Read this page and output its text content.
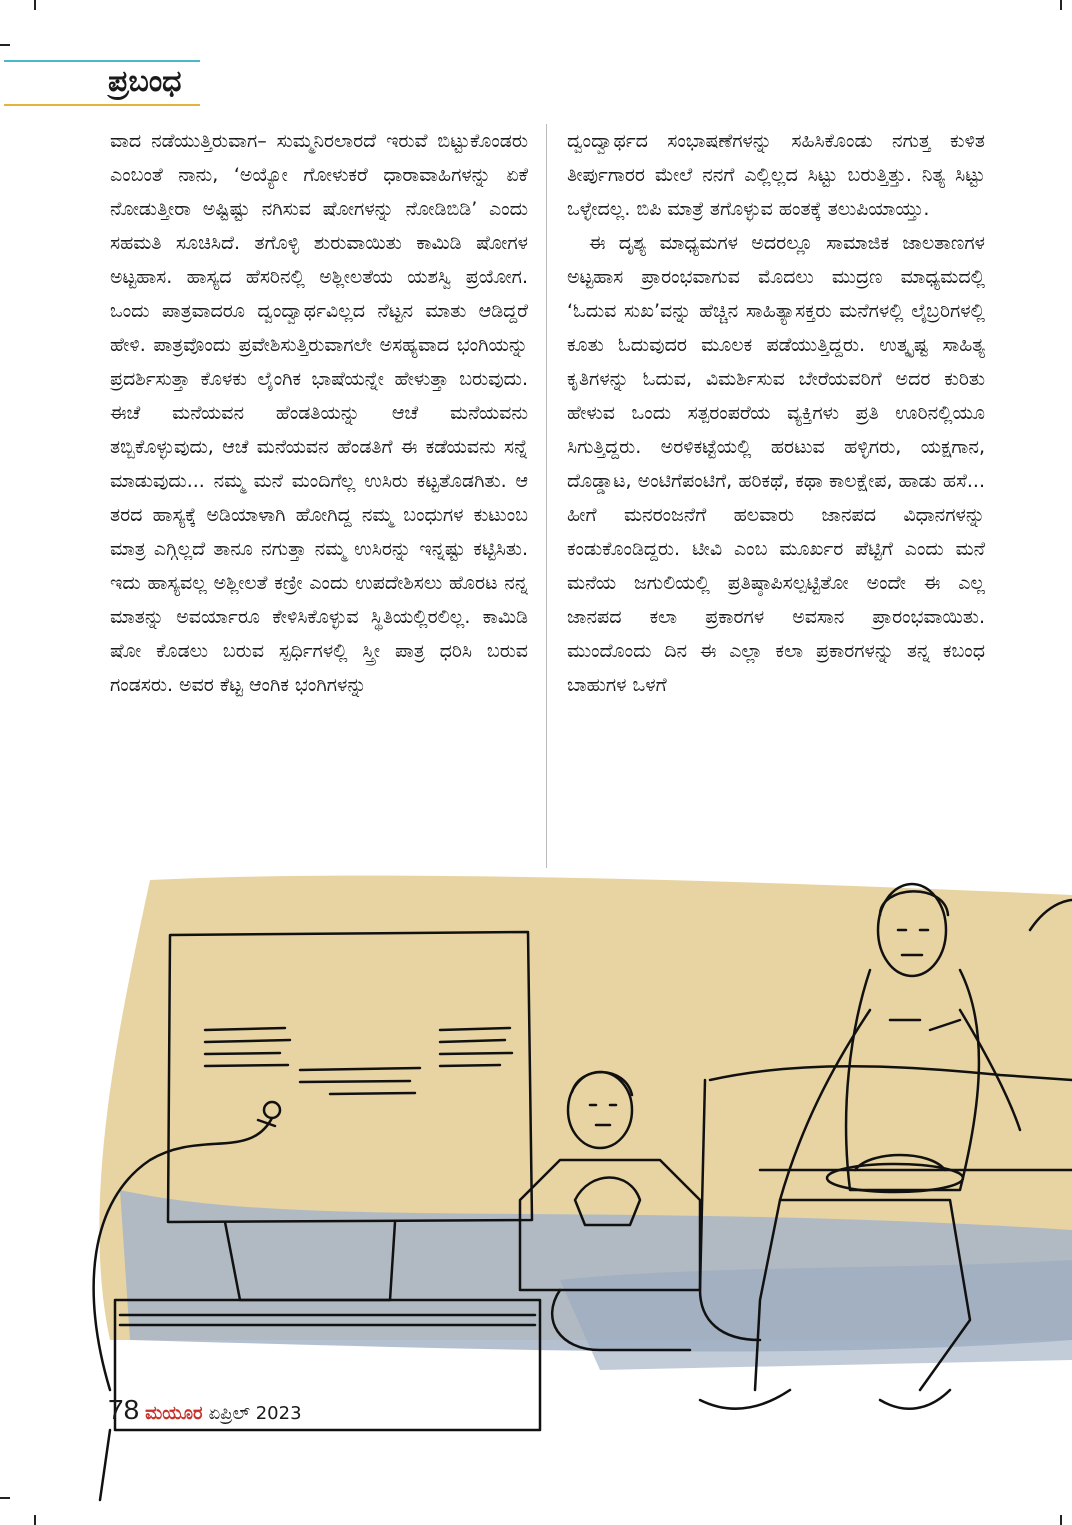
ಪ್ರಬಂಧ

ವಾದ ನಡೆಯುತ್ತಿರುವಾಗ– ಸುಮ್ಮನಿರಲಾರದೆ ಇರುವೆ ಬಿಟ್ಟುಕೊಂಡರು ಎಂಬಂತೆ ನಾನು, ‘ಅಯ್ಯೋ ಗೋಳುಕರೆ ಧಾರಾವಾಹಿಗಳನ್ನು ಏಕೆ ನೋಡುತ್ತೀರಾ ಅಷ್ಟಿಷ್ಟು ನಗಿಸುವ ಷೋಗಳನ್ನು ನೋಡಿಬಿಡಿ’ ಎಂದು ಸಹಮತಿ ಸೂಚಿಸಿದೆ. ತಗೊಳ್ಳಿ ಶುರುವಾಯಿತು ಕಾಮಿಡಿ ಷೋಗಳ ಅಟ್ಟಹಾಸ. ಹಾಸ್ಯದ ಹೆಸರಿನಲ್ಲಿ ಅಶ್ಲೀಲತೆಯ ಯಶಸ್ವಿ ಪ್ರಯೋಗ. ಒಂದು ಪಾತ್ರವಾದರೂ ದ್ವಂದ್ವಾರ್ಥವಿಲ್ಲದ ನೆಟ್ಟನ ಮಾತು ಆಡಿದ್ದರೆ ಹೇಳಿ. ಪಾತ್ರವೊಂದು ಪ್ರವೇಶಿಸುತ್ತಿರುವಾಗಲೇ ಅಸಹ್ಯವಾದ ಭಂಗಿಯನ್ನು ಪ್ರದರ್ಶಿಸುತ್ತಾ ಕೊಳಕು ಲೈಂಗಿಕ ಭಾಷೆಯನ್ನೇ ಹೇಳುತ್ತಾ ಬರುವುದು. ಈಚೆ ಮನೆಯವನ ಹೆಂಡತಿಯನ್ನು ಆಚೆ ಮನೆಯವನು ತಬ್ಬಿಕೊಳ್ಳುವುದು, ಆಚೆ ಮನೆಯವನ ಹೆಂಡತಿಗೆ ಈ ಕಡೆಯವನು ಸನ್ನೆ ಮಾಡುವುದು... ನಮ್ಮ ಮನೆ ಮಂದಿಗೆಲ್ಲ ಉಸಿರು ಕಟ್ಟತೊಡಗಿತು. ಆ ತರದ ಹಾಸ್ಯಕ್ಕೆ ಅಡಿಯಾಳಾಗಿ ಹೋಗಿದ್ದ ನಮ್ಮ ಬಂಧುಗಳ ಕುಟುಂಬ ಮಾತ್ರ ಎಗ್ಗಿಲ್ಲದೆ ತಾನೂ ನಗುತ್ತಾ ನಮ್ಮ ಉಸಿರನ್ನು ಇನ್ನಷ್ಟು ಕಟ್ಟಿಸಿತು. ಇದು ಹಾಸ್ಯವಲ್ಲ ಅಶ್ಲೀಲತೆ ಕಣ್ರೀ ಎಂದು ಉಪದೇಶಿಸಲು ಹೊರಟ ನನ್ನ ಮಾತನ್ನು ಅವರ್ಯಾರೂ ಕೇಳಿಸಿಕೊಳ್ಳುವ ಸ್ಥಿತಿಯಲ್ಲಿರಲಿಲ್ಲ. ಕಾಮಿಡಿ ಷೋ ಕೊಡಲು ಬರುವ ಸ್ಪರ್ಧಿಗಳಲ್ಲಿ ಸ್ತ್ರೀ ಪಾತ್ರ ಧರಿಸಿ ಬರುವ ಗಂಡಸರು. ಅವರ ಕೆಟ್ಟ ಆಂಗಿಕ ಭಂಗಿಗಳನ್ನು

ದ್ವಂದ್ವಾರ್ಥದ ಸಂಭಾಷಣೆಗಳನ್ನು ಸಹಿಸಿಕೊಂಡು ನಗುತ್ತ ಕುಳಿತ ತೀರ್ಪುಗಾರರ ಮೇಲೆ ನನಗೆ ಎಲ್ಲಿಲ್ಲದ ಸಿಟ್ಟು ಬರುತ್ತಿತ್ತು. ನಿತ್ಯ ಸಿಟ್ಟು ಒಳ್ಳೇದಲ್ಲ. ಬಿಪಿ ಮಾತ್ರೆ ತಗೊಳ್ಳುವ ಹಂತಕ್ಕೆ ತಲುಪಿಯಾಯ್ತು.

ಈ ದೃಶ್ಯ ಮಾಧ್ಯಮಗಳ ಅದರಲ್ಲೂ ಸಾಮಾಜಿಕ ಜಾಲತಾಣಗಳ ಅಟ್ಟಹಾಸ ಪ್ರಾರಂಭವಾಗುವ ಮೊದಲು ಮುದ್ರಣ ಮಾಧ್ಯಮದಲ್ಲಿ ‘ಓದುವ ಸುಖ’ವನ್ನು ಹೆಚ್ಚಿನ ಸಾಹಿತ್ಯಾಸಕ್ತರು ಮನೆಗಳಲ್ಲಿ ಲೈಬ್ರರಿಗಳಲ್ಲಿ ಕೂತು ಓದುವುದರ ಮೂಲಕ ಪಡೆಯುತ್ತಿದ್ದರು. ಉತ್ಕೃಷ್ಟ ಸಾಹಿತ್ಯ ಕೃತಿಗಳನ್ನು ಓದುವ, ವಿಮರ್ಶಿಸುವ ಬೇರೆಯವರಿಗೆ ಅದರ ಕುರಿತು ಹೇಳುವ ಒಂದು ಸತ್ಪರಂಪರೆಯ ವ್ಯಕ್ತಿಗಳು ಪ್ರತಿ ಊರಿನಲ್ಲಿಯೂ ಸಿಗುತ್ತಿದ್ದರು. ಅರಳಿಕಟ್ಟೆಯಲ್ಲಿ ಹರಟುವ ಹಳ್ಳಿಗರು, ಯಕ್ಷಗಾನ, ದೊಡ್ಡಾಟ, ಅಂಟಿಗೆಪಂಟಿಗೆ, ಹರಿಕಥೆ, ಕಥಾ ಕಾಲಕ್ಷೇಪ, ಹಾಡು ಹಸೆ... ಹೀಗೆ ಮನರಂಜನೆಗೆ ಹಲವಾರು ಜಾನಪದ ವಿಧಾನಗಳನ್ನು ಕಂಡುಕೊಂಡಿದ್ದರು. ಟೀವಿ ಎಂಬ ಮೂರ್ಖರ ಪೆಟ್ಟಿಗೆ ಎಂದು ಮನೆ ಮನೆಯ ಜಗುಲಿಯಲ್ಲಿ ಪ್ರತಿಷ್ಠಾಪಿಸಲ್ಪಟ್ಟಿತೋ ಅಂದೇ ಈ ಎಲ್ಲ ಜಾನಪದ ಕಲಾ ಪ್ರಕಾರಗಳ ಅವಸಾನ ಪ್ರಾರಂಭವಾಯಿತು. ಮುಂದೊಂದು ದಿನ ಈ ಎಲ್ಲಾ ಕಲಾ ಪ್ರಕಾರಗಳನ್ನು ತನ್ನ ಕಬಂಧ ಬಾಹುಗಳ ಒಳಗೆ

78 ಮಯೂರ ಏಪ್ರಿಲ್ 2023
